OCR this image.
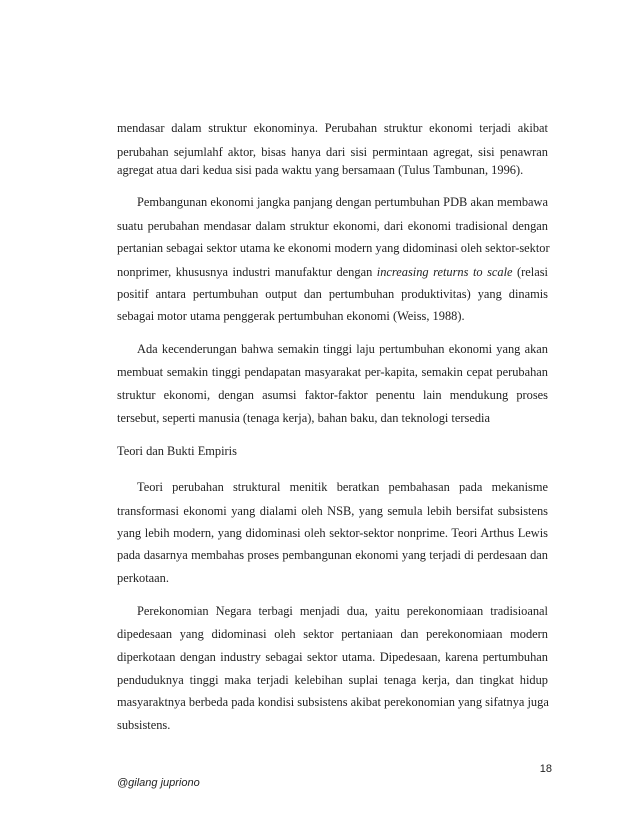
mendasar dalam struktur ekonominya. Perubahan struktur ekonomi terjadi akibat
perubahan sejumlahf aktor, bisas hanya dari sisi permintaan agregat, sisi penawran
agregat atua dari kedua sisi pada waktu yang bersamaan (Tulus Tambunan, 1996).
Pembangunan ekonomi jangka panjang dengan pertumbuhan PDB akan membawa
suatu perubahan mendasar dalam struktur ekonomi, dari ekonomi tradisional dengan
pertanian sebagai sektor utama ke ekonomi modern yang didominasi oleh sektor-sektor
nonprimer, khususnya industri manufaktur dengan increasing returns to scale (relasi
positif antara pertumbuhan output dan pertumbuhan produktivitas) yang dinamis
sebagai motor utama penggerak pertumbuhan ekonomi (Weiss, 1988).
Ada kecenderungan bahwa semakin tinggi laju pertumbuhan ekonomi yang akan
membuat semakin tinggi pendapatan masyarakat per-kapita, semakin cepat perubahan
struktur ekonomi, dengan asumsi faktor-faktor penentu lain mendukung proses
tersebut, seperti manusia (tenaga kerja), bahan baku, dan teknologi tersedia
Teori dan Bukti Empiris
Teori perubahan struktural menitik beratkan pembahasan pada mekanisme
transformasi ekonomi yang dialami oleh NSB, yang semula lebih bersifat subsistens
yang lebih modern, yang didominasi oleh sektor-sektor nonprime. Teori Arthus Lewis
pada dasarnya membahas proses pembangunan ekonomi yang terjadi di perdesaan dan
perkotaan.
Perekonomian Negara terbagi menjadi dua, yaitu perekonomiaan tradisioanal
dipedesaan yang didominasi oleh sektor pertaniaan dan perekonomiaan modern
diperkotaan dengan industry sebagai sektor utama. Dipedesaan, karena pertumbuhan
penduduknya tinggi maka terjadi kelebihan suplai tenaga kerja, dan tingkat hidup
masyaraktnya berbeda pada kondisi subsistens akibat perekonomian yang sifatnya juga
subsistens.
18
@gilang jupriono
